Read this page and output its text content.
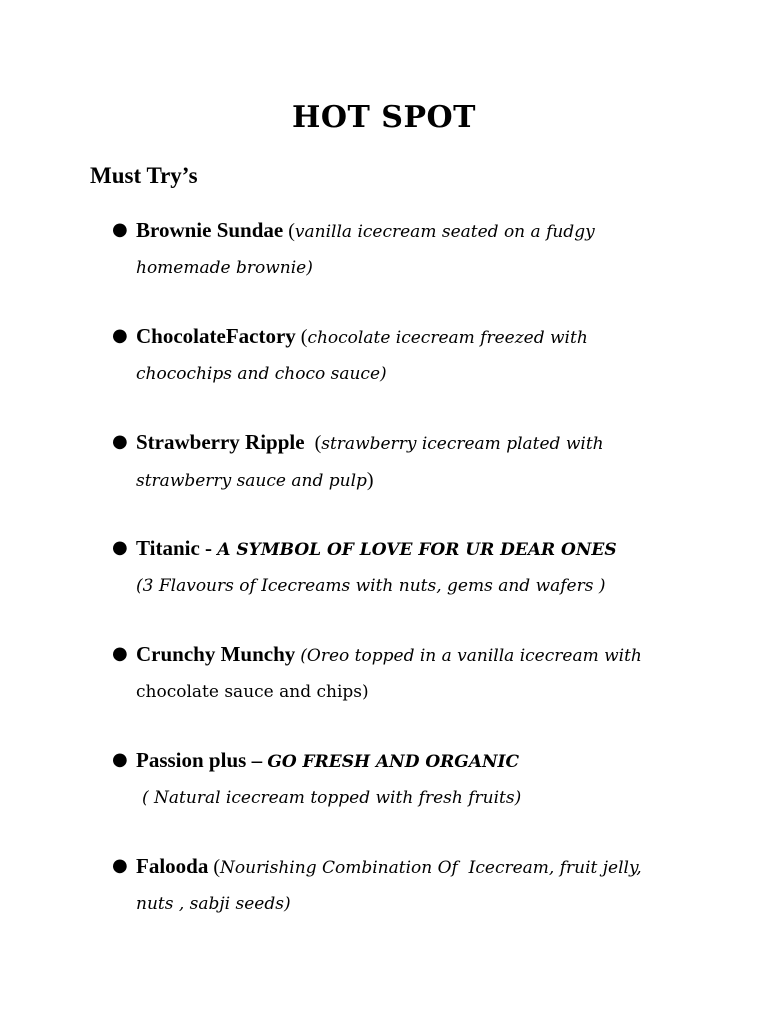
HOT SPOT
Must Try’s
● Brownie Sundae (vanilla icecream seated on a fudgy
homemade brownie)
● ChocolateFactory (chocolate icecream freezed with
chocochips and choco sauce)
● Strawberry Ripple  (strawberry icecream plated with
strawberry sauce and pulp)
● Titanic - A SYMBOL OF LOVE FOR UR DEAR ONES
(3 Flavours of Icecreams with nuts, gems and wafers )
● Crunchy Munchy (Oreo topped in a vanilla icecream with
chocolate sauce and chips)
● Passion plus – GO FRESH AND ORGANIC
( Natural icecream topped with fresh fruits)
● Falooda (Nourishing Combination Of  Icecream, fruit jelly,
nuts , sabji seeds)
